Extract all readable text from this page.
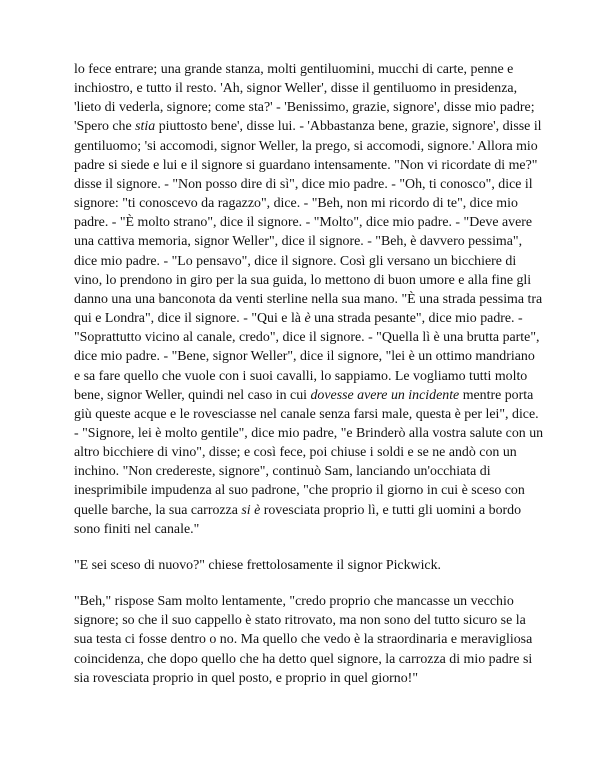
lo fece entrare; una grande stanza, molti gentiluomini, mucchi di carte, penne e inchiostro, e tutto il resto. 'Ah, signor Weller', disse il gentiluomo in presidenza, 'lieto di vederla, signore; come sta?' - 'Benissimo, grazie, signore', disse mio padre; 'Spero che stia piuttosto bene', disse lui. - 'Abbastanza bene, grazie, signore', disse il gentiluomo; 'si accomodi, signor Weller, la prego, si accomodi, signore.' Allora mio padre si siede e lui e il signore si guardano intensamente. "Non vi ricordate di me?" disse il signore. - "Non posso dire di sì", dice mio padre. - "Oh, ti conosco", dice il signore: "ti conoscevo da ragazzo", dice. - "Beh, non mi ricordo di te", dice mio padre. - "È molto strano", dice il signore. - "Molto", dice mio padre. - "Deve avere una cattiva memoria, signor Weller", dice il signore. - "Beh, è davvero pessima", dice mio padre. - "Lo pensavo", dice il signore. Così gli versano un bicchiere di vino, lo prendono in giro per la sua guida, lo mettono di buon umore e alla fine gli danno una una banconota da venti sterline nella sua mano. "È una strada pessima tra qui e Londra", dice il signore. - "Qui e là è una strada pesante", dice mio padre. - "Soprattutto vicino al canale, credo", dice il signore. - "Quella lì è una brutta parte", dice mio padre. - "Bene, signor Weller", dice il signore, "lei è un ottimo mandriano e sa fare quello che vuole con i suoi cavalli, lo sappiamo. Le vogliamo tutti molto bene, signor Weller, quindi nel caso in cui dovesse avere un incidente mentre porta giù queste acque e le rovesciasse nel canale senza farsi male, questa è per lei", dice. - "Signore, lei è molto gentile", dice mio padre, "e Brinderò alla vostra salute con un altro bicchiere di vino", disse; e così fece, poi chiuse i soldi e se ne andò con un inchino. "Non credereste, signore", continuò Sam, lanciando un'occhiata di inesprimibile impudenza al suo padrone, "che proprio il giorno in cui è sceso con quelle barche, la sua carrozza si è rovesciata proprio lì, e tutti gli uomini a bordo sono finiti nel canale."

"E sei sceso di nuovo?" chiese frettolosamente il signor Pickwick.

"Beh," rispose Sam molto lentamente, "credo proprio che mancasse un vecchio signore; so che il suo cappello è stato ritrovato, ma non sono del tutto sicuro se la sua testa ci fosse dentro o no. Ma quello che vedo è la straordinaria e meravigliosa coincidenza, che dopo quello che ha detto quel signore, la carrozza di mio padre si sia rovesciata proprio in quel posto, e proprio in quel giorno!"
